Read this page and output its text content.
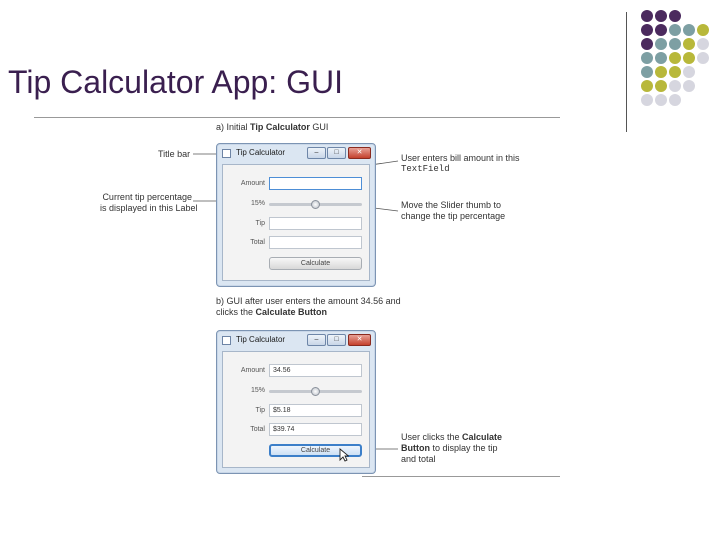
Tip Calculator App: GUI
a) Initial Tip Calculator GUI
Title bar
Current tip percentage
is displayed in this Label
User enters bill amount in this
TextField
Move the Slider thumb to
change the tip percentage
Tip Calculator	–	□	✕
Amount
15%
Tip
Total
Calculate
b) GUI after user enters the amount 34.56 and
clicks the Calculate Button
Tip Calculator	–	□	✕
Amount	34.56
15%
Tip	$5.18
Total	$39.74
Calculate
User clicks the Calculate
Button to display the tip
and total
